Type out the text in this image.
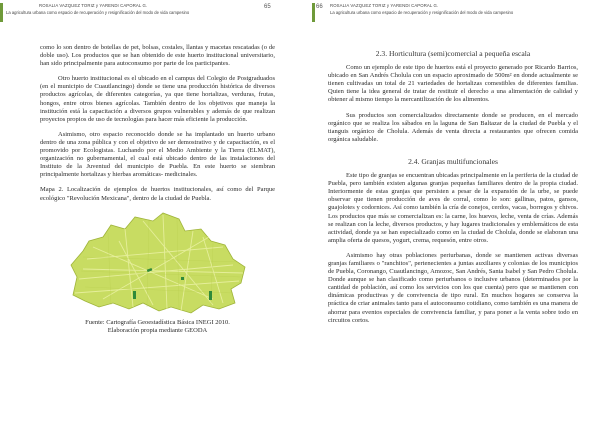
ROSALIA VAZQUEZ TORIZ y YARENDI CAPORAL G.
La agricultura urbana como espacio de recuperación y resignificación del modo de vida campesino
65

como lo son dentro de botellas de pet, bolsas, costales, llantas y macetas rescatadas (o de doble uso). Los productos que se han obtenido de este huerto institucional universitario, han sido principalmente para autoconsumo por parte de los participantes.

Otro huerto institucional es el ubicado en el campus del Colegio de Postgraduados (en el municipio de Cuautlancingo) donde se tiene una producción histórica de diversos productos agrícolas, de diferentes categorías, ya que tiene hortalizas, verduras, frutas, hongos, entre otros bienes agrícolas. También dentro de los objetivos que maneja la institución está la capacitación a diversos grupos vulnerables y además de que realizan proyectos propios de uso de tecnologías para hacer más eficiente la producción.

Asimismo, otro espacio reconocido donde se ha implantado un huerto urbano dentro de una zona pública y con el objetivo de ser demostrativo y de capacitación, es el promovido por Ecologistas. Luchando por el Medio Ambiente y la Tierra (ELMAT), organización no gubernamental, el cual está ubicado dentro de las instalaciones del Instituto de la Juventud del municipio de Puebla. En este huerto se siembran principalmente hortalizas y hierbas aromáticas- medicinales.

Mapa 2. Localización de ejemplos de huertos institucionales, así como del Parque ecológico "Revolución Mexicana", dentro de la ciudad de Puebla.
Fuente: Cartografía Geoestadística Básica INEGI 2010.
Elaboración propia mediante GEODA
66 ROSALIA VAZQUEZ TORIZ y YARENDI CAPORAL G.
La agricultura urbana como espacio de recuperación y resignificación del modo de vida campesino
2.3. Horticultura (semi)comercial a pequeña escala

Como un ejemplo de este tipo de huertos está el proyecto generado por Ricardo Barrios, ubicado en San Andrés Cholula con un espacio aproximado de 500m² en donde actualmente se tienen cultivadas un total de 21 variedades de hortalizas comestibles de diferentes familias. Quien tiene la idea general de tratar de restituir el derecho a una alimentación de calidad y obtener al mismo tiempo la mercantilización de los alimentos.

Sus productos son comercializados directamente donde se producen, en el mercado orgánico que se realiza los sábados en la laguna de San Baltazar de la ciudad de Puebla y el tianguis orgánico de Cholula. Además de venta directa a restaurantes que ofrecen comida orgánica saludable.

2.4. Granjas multifuncionales

Este tipo de granjas se encuentran ubicadas principalmente en la periferia de la ciudad de Puebla, pero también existen algunas granjas pequeñas familiares dentro de la propia ciudad. Interiormente de estas granjas que persisten a pesar de la expansión de la urbe, se puede observar que tienen producción de aves de corral, como lo son: gallinas, patos, gansos, guajolotes y codornices. Así como también la cría de conejos, cerdos, vacas, borregos y chivos. Los productos que más se comercializan es: la carne, los huevos, leche, venta de crías. Además se realizan con la leche, diversos productos, y hay lugares tradicionales y emblemáticos de esta actividad, donde ya se han especializado como en la ciudad de Cholula, donde se elaboran una amplia oferta de quesos, yogurt, crema, requesón, entre otros.

Asimismo hay otras poblaciones periurbanas, donde se mantienen activas diversas granjas familiares o "ranchitos", pertenecientes a juntas auxiliares y colonias de los municipios de Puebla, Coronango, Cuautlancingo, Amozoc, San Andrés, Santa Isabel y San Pedro Cholula. Donde aunque se han clasificado como periurbanos o inclusive urbanos (determinados por la cantidad de población, así como los servicios con los que cuenta) pero que se mantienen con dinámicas productivas y de convivencia de tipo rural. En muchos hogares se conserva la práctica de criar animales tanto para el autoconsumo cotidiano, como también es una manera de ahorrar para eventos especiales de convivencia familiar, y para poner a la venta sobre todo en circuitos cortos.
